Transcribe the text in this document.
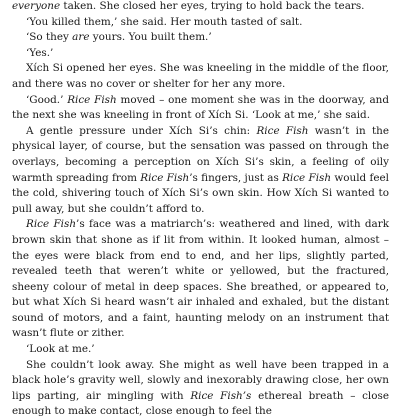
everyone taken. She closed her eyes, trying to hold back the tears.

‘You killed them,’ she said. Her mouth tasted of salt.

‘So they are yours. You built them.’

‘Yes.’

Xích Si opened her eyes. She was kneeling in the middle of the floor, and there was no cover or shelter for her any more.

‘Good.’ Rice Fish moved – one moment she was in the doorway, and the next she was kneeling in front of Xích Si. ‘Look at me,’ she said.

A gentle pressure under Xích Si’s chin: Rice Fish wasn’t in the physical layer, of course, but the sensation was passed on through the overlays, becoming a perception on Xích Si’s skin, a feeling of oily warmth spreading from Rice Fish’s fingers, just as Rice Fish would feel the cold, shivering touch of Xích Si’s own skin. How Xích Si wanted to pull away, but she couldn’t afford to.

Rice Fish’s face was a matriarch’s: weathered and lined, with dark brown skin that shone as if lit from within. It looked human, almost – the eyes were black from end to end, and her lips, slightly parted, revealed teeth that weren’t white or yellowed, but the fractured, sheeny colour of metal in deep spaces. She breathed, or appeared to, but what Xích Si heard wasn’t air inhaled and exhaled, but the distant sound of motors, and a faint, haunting melody on an instrument that wasn’t flute or zither.

‘Look at me.’

She couldn’t look away. She might as well have been trapped in a black hole’s gravity well, slowly and inexorably drawing close, her own lips parting, air mingling with Rice Fish’s ethereal breath – close enough to make contact, close enough to feel the
